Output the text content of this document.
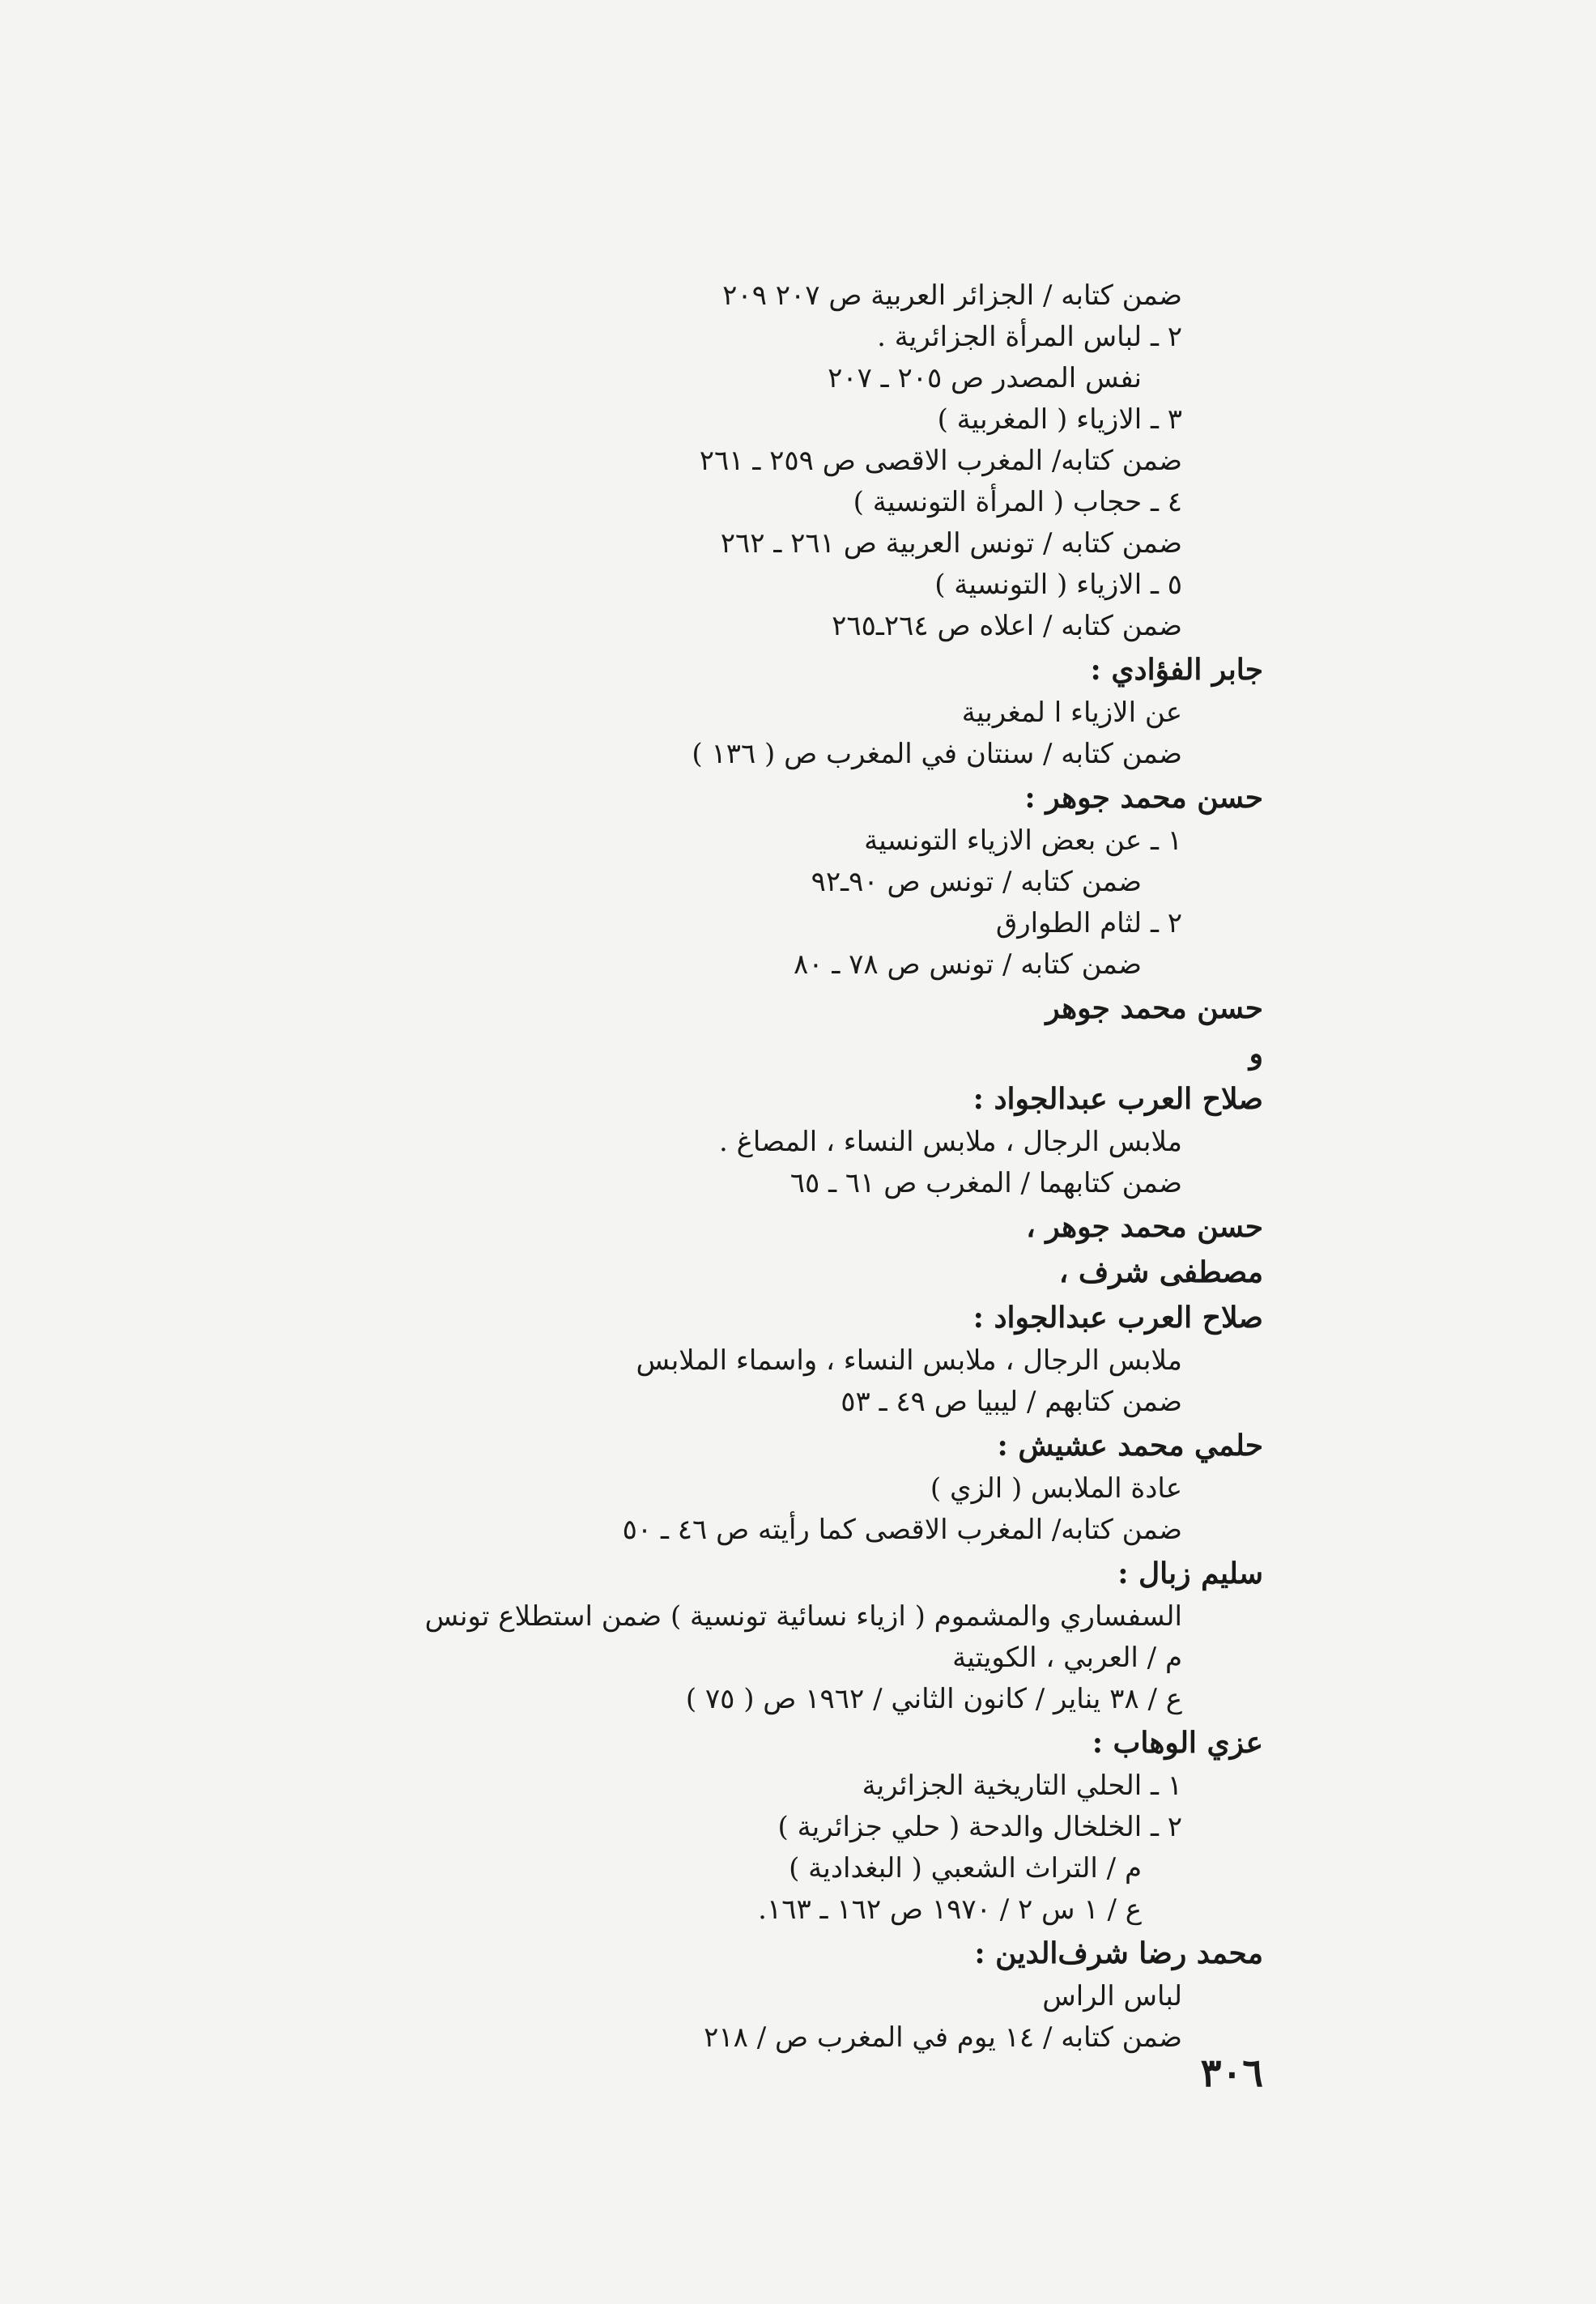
ضمن كتابه / الجزائر العربية ص ٢٠٧ ٢٠٩
٢ ـ لباس المرأة الجزائرية .
نفس المصدر ص ٢٠٥ ـ ٢٠٧
٣ ـ الازياء ( المغربية )
ضمن كتابه/ المغرب الاقصى ص ٢٥٩ ـ ٢٦١
٤ ـ حجاب ( المرأة التونسية )
ضمن كتابه / تونس العربية ص ٢٦١ ـ ٢٦٢
٥ ـ الازياء ( التونسية )
ضمن كتابه / اعلاه ص ٢٦٤ـ٢٦٥
جابر الفؤادي :
عن الازياء ا لمغربية
ضمن كتابه / سنتان في المغرب ص ( ١٣٦ )
حسن محمد جوهر :
١ ـ عن بعض الازياء التونسية
ضمن كتابه / تونس ص ٩٠ـ٩٢
٢ ـ لثام الطوارق
ضمن كتابه / تونس ص ٧٨ ـ ٨٠
حسن محمد جوهر
و
صلاح العرب عبدالجواد :
ملابس الرجال ، ملابس النساء ، المصاغ .
ضمن كتابهما / المغرب ص ٦١ ـ ٦٥
حسن محمد جوهر ،
مصطفى شرف ،
صلاح العرب عبدالجواد :
ملابس الرجال ، ملابس النساء ، واسماء الملابس
ضمن كتابهم / ليبيا ص ٤٩ ـ ٥٣
حلمي محمد عشيش :
عادة الملابس ( الزي )
ضمن كتابه/ المغرب الاقصى كما رأيته ص ٤٦ ـ ٥٠
سليم زبال :
السفساري والمشموم ( ازياء نسائية تونسية ) ضمن استطلاع تونس
م / العربي ، الكويتية
ع / ٣٨ يناير / كانون الثاني / ١٩٦٢ ص ( ٧٥ )
عزي الوهاب :
١ ـ الحلي التاريخية الجزائرية
٢ ـ الخلخال والدحة ( حلي جزائرية )
م / التراث الشعبي ( البغدادية )
ع / ١ س ٢ / ١٩٧٠ ص ١٦٢ ـ ١٦٣.
محمد رضا شرف‌الدين :
لباس الراس
ضمن كتابه / ١٤ يوم في المغرب ص / ٢١٨
٣٠٦
